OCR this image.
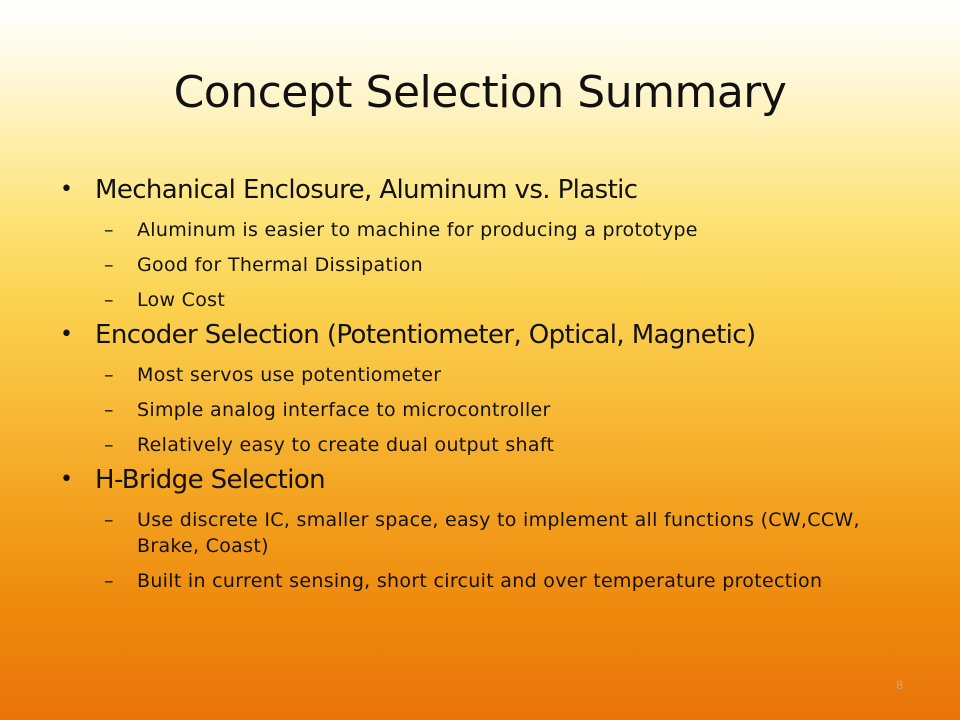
Concept Selection Summary
• Mechanical Enclosure, Aluminum vs. Plastic
–	Aluminum is easier to machine for producing a prototype
–	Good for Thermal Dissipation
–	Low Cost
• Encoder Selection (Potentiometer, Optical, Magnetic)
–	Most servos use potentiometer
–	Simple analog interface to microcontroller
–	Relatively easy to create dual output shaft
• H-Bridge Selection
–	Use discrete IC, smaller space, easy to implement all functions (CW,CCW, Brake, Coast)
–	Built in current sensing, short circuit and over temperature protection
8
